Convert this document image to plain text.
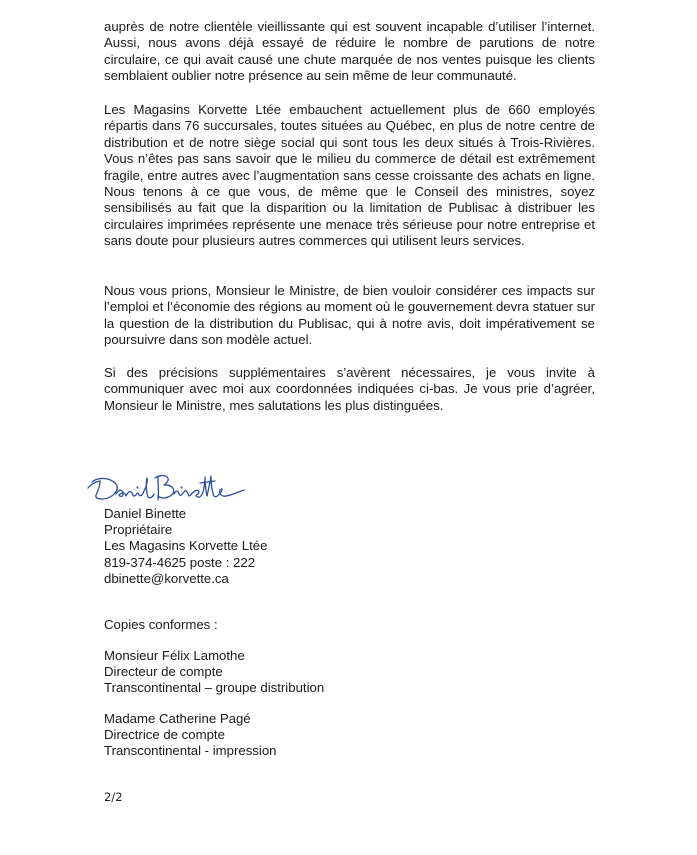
auprès de notre clientèle vieillissante qui est souvent incapable d’utiliser l’internet. Aussi, nous avons déjà essayé de réduire le nombre de parutions de notre circulaire, ce qui avait causé une chute marquée de nos ventes puisque les clients semblaient oublier notre présence au sein même de leur communauté.

Les Magasins Korvette Ltée embauchent actuellement plus de 660 employés répartis dans 76 succursales, toutes situées au Québec, en plus de notre centre de distribution et de notre siège social qui sont tous les deux situés à Trois-Rivières. Vous n’êtes pas sans savoir que le milieu du commerce de détail est extrêmement fragile, entre autres avec l’augmentation sans cesse croissante des achats en ligne. Nous tenons à ce que vous, de même que le Conseil des ministres, soyez sensibilisés au fait que la disparition ou la limitation de Publisac à distribuer les circulaires imprimées représente une menace très sérieuse pour notre entreprise et sans doute pour plusieurs autres commerces qui utilisent leurs services.

Nous vous prions, Monsieur le Ministre, de bien vouloir considérer ces impacts sur l’emploi et l’économie des régions au moment où le gouvernement devra statuer sur la question de la distribution du Publisac, qui à notre avis, doit impérativement se poursuivre dans son modèle actuel.

Si des précisions supplémentaires s’avèrent nécessaires, je vous invite à communiquer avec moi aux coordonnées indiquées ci-bas. Je vous prie d’agréer, Monsieur le Ministre, mes salutations les plus distinguées.

Daniel Binette
Propriétaire
Les Magasins Korvette Ltée
819-374-4625 poste : 222
dbinette@korvette.ca
Copies conformes :
Monsieur Félix Lamothe
Directeur de compte
Transcontinental – groupe distribution
Madame Catherine Pagé
Directrice de compte
Transcontinental - impression
2/2
